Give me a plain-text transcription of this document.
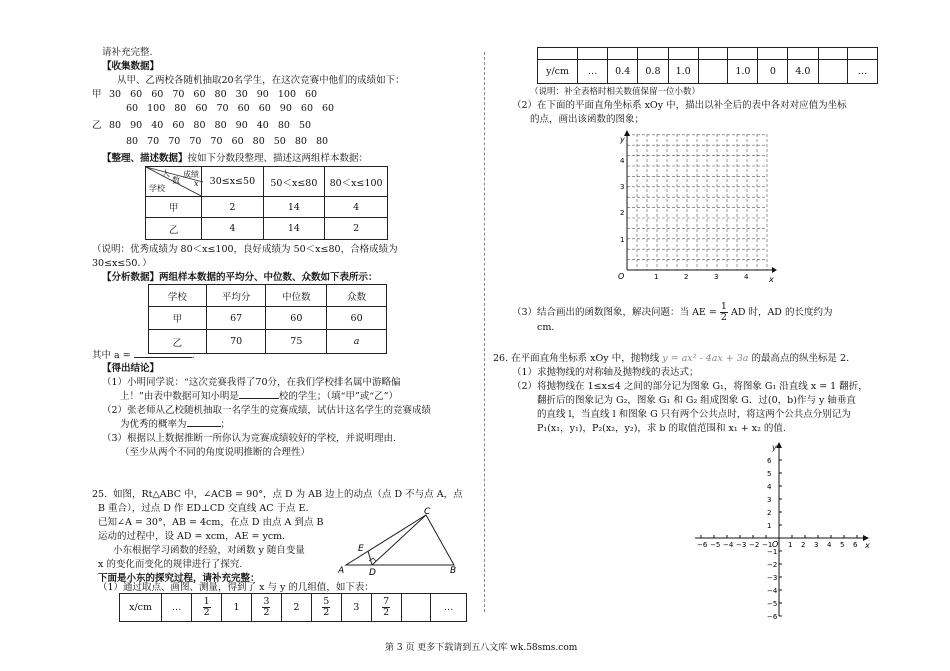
请补充完整.
【收集数据】
从甲、乙两校各随机抽取20名学生，在这次竞赛中他们的成绩如下：
甲 30 60 60 70 60 80 30 90 100 60
60 100 80 60 70 60 60 90 60 60
乙 80 90 40 60 80 80 90 40 80 50
80 70 70 70 70 60 80 50 80 80
【整理、描述数据】按如下分数段整理、描述这两组样本数据：
人
数
成绩
x
学校	30≤x≤50	50＜x≤80	80＜x≤100
甲	2	14	4
乙	4	14	2
（说明：优秀成绩为 80＜x≤100，良好成绩为 50＜x≤80，合格成绩为
30≤x≤50．）
【分析数据】两组样本数据的平均分、中位数、众数如下表所示：
学校	平均分	中位数	众数
甲	67	60	60
乙	70	75	a
其中 a =	.
【得出结论】
（1）小明同学说：“这次竞赛我得了70分，在我们学校排名属中游略偏
上！”由表中数据可知小明是	校的学生；（填“甲”或“乙”）
（2）张老师从乙校随机抽取一名学生的竞赛成绩，试估计这名学生的竞赛成绩
为优秀的概率为	；
（3）根据以上数据推断一所你认为竞赛成绩较好的学校，并说明理由.
（至少从两个不同的角度说明推断的合理性）
25. 如图，Rt△ABC 中，∠ACB = 90°，点 D 为 AB 边上的动点（点 D 不与点 A，点
B 重合），过点 D 作 ED⊥CD 交直线 AC 于点 E.
已知∠A = 30°，AB = 4cm，在点 D 由点 A 到点 B
运动的过程中，设 AD = xcm，AE = ycm.
小东根据学习函数的经验，对函数 y 随自变量
x 的变化而变化的规律进行了探究.
下面是小东的探究过程，请补充完整：
（1）通过取点、画图、测量，得到了 x 与 y 的几组值，如下表：
A	B
C
D
E
x/cm	…	$\frac{1}{2}$	1	$\frac{3}{2}$	2	$\frac{5}{2}$	3	$\frac{7}{2}$		…

y/cm	…	0.4	0.8	1.0		1.0	0	4.0		…
（说明：补全表格时相关数值保留一位小数）
（2）在下面的平面直角坐标系 xOy 中，描出以补全后的表中各对对应值为坐标
的点，画出该函数的图象；
y
x
O	1	2	3	4
1
2
3
4
（3）结合画出的函数图象，解决问题：当 AE = $\frac{1}{2}$ AD 时，AD 的长度约为
cm.
26. 在平面直角坐标系 xOy 中，抛物线 y = ax² - 4ax + 3a 的最高点的纵坐标是 2.
（1）求抛物线的对称轴及抛物线的表达式；
（2）将抛物线在 1≤x≤4 之间的部分记为图象 G₁，将图象 G₁ 沿直线 x = 1 翻折，
翻折后的图象记为 G₂，图象 G₁ 和 G₂ 组成图象 G．过(0，b)作与 y 轴垂直
的直线 l，当直线 l 和图象 G 只有两个公共点时，将这两个公共点分别记为
P₁(x₁，y₁)，P₂(x₂，y₂)，求 b 的取值范围和 x₁ + x₂ 的值.
y
x
O
−6 −5 −4 −3 −2 −1 1 2 3 4 5 6
6
5
4
3
2
1
−1
−2
−3
−4
−5
−6
第 3 页 更多下载请到五八文库 wk.58sms.com
